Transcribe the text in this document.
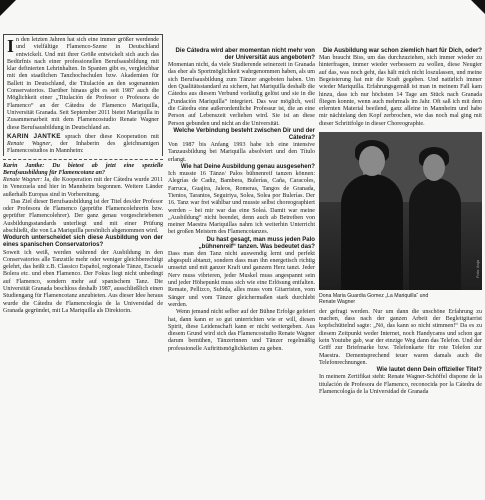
I n den letzten Jahren hat sich eine immer größer werdende und vielfältige Flamenco-Szene in Deutschland entwickelt. Und mit ihrer Größe entwickelt sich auch das Bedürfnis nach einer professionellen Berufsausbildung mit klar definierten Lehrinhalten. In Spanien gibt es, vergleichbar mit den staatlichen Tanzhochschulen bzw. Akademien für Ballett in Deutschland, die Titulación an den sogenannten Conservatorios. Darüber hinaus gibt es seit 1987 auch die Möglichkeit einer „Titulación de Profesor o Profesora de Flamenco“ an der Cátedra de Flamenco Mariquilla, Universität Granada. Seit September 2011 bietet Mariquilla in Zusammenarbeit mit dem Flamencostudio Renate Wagner diese Berufsausbildung in Deutschland an.

KARIN JANTKE sprach über diese Kooperation mit Renate Wagner, der Inhaberin des gleichnamigen Flamencostudios in Mannheim:

Karin Jantke: Du bietest ab jetzt eine spezielle Berufsausbildung für Flamencotanz an?

Renate Wagner: Ja, die Kooperation mit der Cátedra wurde 2011 in Venezuela und hier in Mannheim begonnen. Weitere Länder außerhalb Europas sind in Vorbereitung.

Das Ziel dieser Berufsausbildung ist der Titel des/der Profesor oder Profesora de Flamenco (geprüfte Flamencolehrerin bzw. geprüfter Flamencolehrer). Der ganz genau vorgeschriebenen Ausbildungsstandards unterliegt und mit einer Prüfung abschließt, die von La Mariquilla persönlich abgenommen wird.

Wodurch unterscheidet sich diese Ausbildung von der eines spanischen Conservatorios?

Soweit ich weiß, werden während der Ausbildung in den Conservatorios alle Tanzstile mehr oder weniger gleichberechtigt gelehrt, das heißt z.B. Classico Español, regionale Tänze, Escuela Bolera etc. und eben Flamenco. Der Fokus liegt nicht unbedingt auf Flamenco, sondern mehr auf spanischem Tanz. Die Universität Granada beschloss deshalb 1987, ausschließlich einen Studiengang für Flamencotanz anzubieten. Aus dieser Idee heraus wurde die Cátedra de Flamencología de la Universidad de Granada gegründet, mit La Mariquilla als Direktorin.

Die Cátedra wird aber momentan nicht mehr von der Universität aus angeboten?

Momentan nicht, da viele Studierende seinerzeit in Granada das eher als Sportmöglichkeit wahrgenommen haben, als um sich Berufsausbildung zum Tänzer angeboten haben. Um den Qualitätsstandard zu sichern, hat Mariquilla deshalb die Cátedra aus diesem Verbund vorläufig gelöst und sie in die „Fundación Mariquilla“ integriert. Das war möglich, weil die Cátedra eine außerordentliche Professur ist, die an eine Person auf Lebenszeit verliehen wird. Sie ist an diese Person gebunden und nicht an die Universität.

Welche Verbindung besteht zwischen Dir und der Cátedra?

Von 1987 bis Anfang 1993 habe ich eine intensive Tanzausbildung bei Mariquilla absolviert und den Título erlangt.

Wie hat Deine Ausbildung genau ausgesehen?

Ich musste 16 Tänze/ Palos bühnenreif tanzen können: Alegrías de Cadiz, Bambera, Bulerías, Caña, Caracoles, Farruca, Guajira, Jaleos, Romeras, Tangos de Granada, Tientos, Tarantos, Seguiriya, Solea, Solea por Bulerías. Der 16. Tanz war frei wählbar und musste selbst choreographiert werden – bei mir war das eine Soleá. Damit war meine „Ausbildung“ nicht beendet, denn auch ab Betreiben von meiner Maestra Mariquillas nahm ich weiterhin Unterricht bei großen Meistern des Flamencotanzes.

Du hast gesagt, man muss jeden Palo „bühnenreif“ tanzen. Was bedeutet das?

Dass man den Tanz nicht auswendig lernt und perfekt abgespult abtanzt, sondern dass man ihn energetisch richtig umsetzt und mit ganzer Kraft und ganzem Herz tanzt. Jeder Nerv muss vibrieren, jeder Muskel muss angespannt sein und jeder Höhepunkt muss sich wie eine Erlösung entfalten. Remate, Pellizco, Subida, alles muss vom Gitarristen, vom Sänger und vom Tänzer gleichermaßen stark durchlebt werden.

Wenn jemand nicht selber auf der Bühne Erfolge gefeiert hat, dann kann er so gut unterrichten wie er will, diesen Spirit, diese Leidenschaft kann er nicht weitergeben. Aus diesem Grund wird sich das Flamencostudio Renate Wagner darum bemühen, Tänzerinnen und Tänzer regelmäßig professionelle Auftrittsmöglichkeiten zu geben.

Die Ausbildung war schon ziemlich hart für Dich, oder?

Man braucht Biss, um das durchzuziehen, sich immer wieder zu hinterfragen, immer wieder verbessern zu wollen, diese Neugier auf das, was noch geht, das hält mich nicht loszulassen, und meine Begeisterung hat mir die Kraft gegeben. Und natürlich immer wieder Mariquilla. Erfahrungsgemäß ist man in meinem Fall kam hinzu, dass ich nur höchsten 14 Tage am Stück nach Granada fliegen konnte, wenn auch mehrmals im Jahr. Oft saß ich mit dem erlernten Material beeilend, ganz alleine in Mannheim und habe mir nächtelang den Kopf zerbrochen, wie das noch mal ging mit dieser Schrittfolge in dieser Choreographie.

Foto: Anja
Dona Maria Guardia Gomez „La Mariquilla“ und
Renate Wagner

der gefragt werden. Nur um dann die unschöne Erfahrung zu machen, dass nach der ganzen Arbeit der Begleitgitarrist kopfschüttelnd sagte: „Nö, das kann so nicht stimmen!“ Da es zu diesem Zeitpunkt weder Internet, noch Handycams und schon gar kein Youtube gab, war der einzige Weg dann das Telefon. Und der Griff zur Briefmarke bzw. Telefonkarte für rote Telefon zur Maestra. Dementsprechend teuer waren damals auch die Telefonrechnungen.

Wie lautet denn Dein offizieller Titel?

In meinem Zertifikat steht: Renate Wagner-Schöffel dispone de la titulación de Profesora de Flamenco, reconocida por la Cátedra de Flamencología de la Universidad de Granada
